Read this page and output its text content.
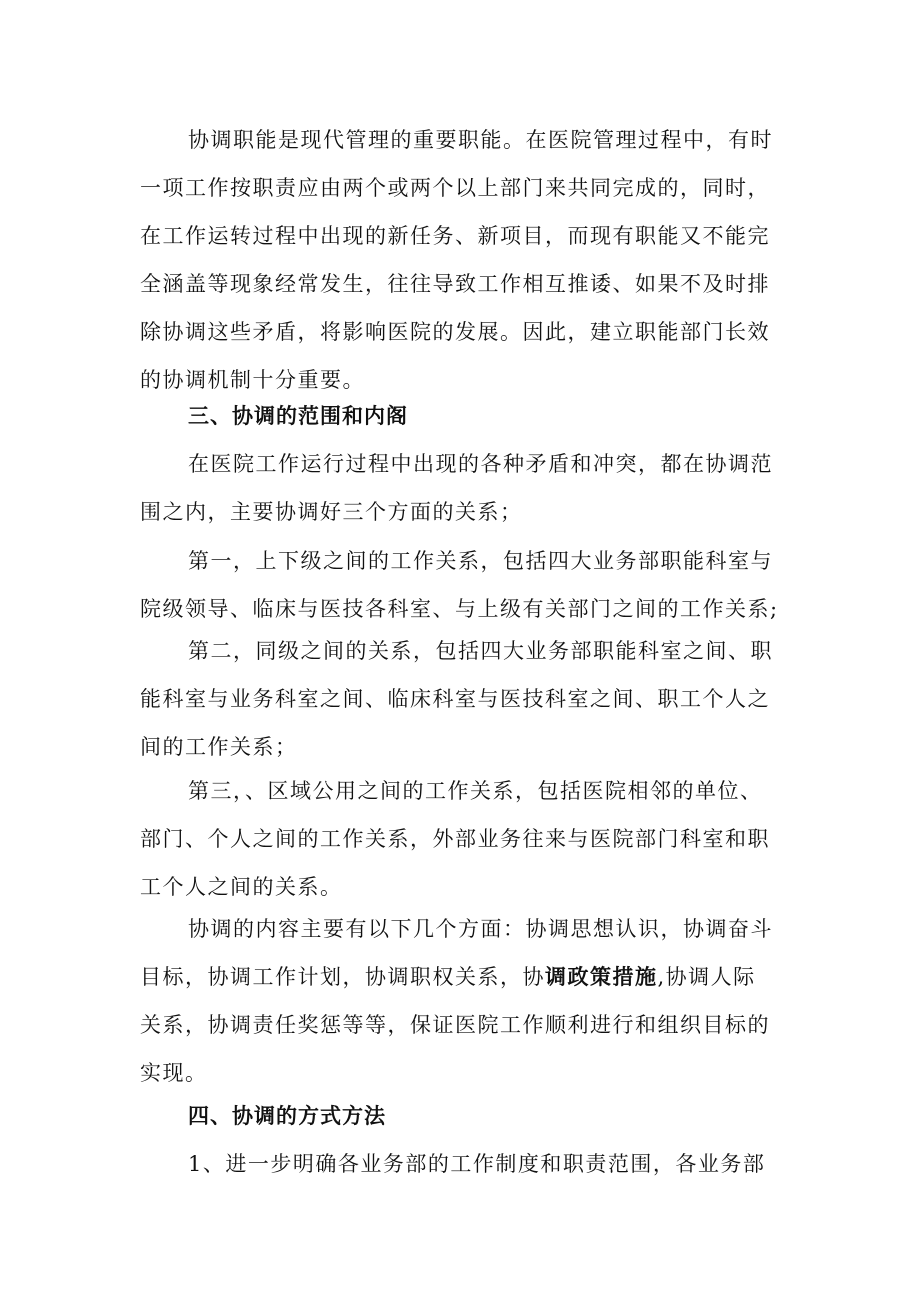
协调职能是现代管理的重要职能。在医院管理过程中，有时
一项工作按职责应由两个或两个以上部门来共同完成的，同时，
在工作运转过程中出现的新任务、新项目，而现有职能又不能完
全涵盖等现象经常发生，往往导致工作相互推诿、如果不及时排
除协调这些矛盾，将影响医院的发展。因此，建立职能部门长效
的协调机制十分重要。
三、协调的范围和内阁
在医院工作运行过程中出现的各种矛盾和冲突，都在协调范
围之内，主要协调好三个方面的关系；
第一，上下级之间的工作关系，包括四大业务部职能科室与
院级领导、临床与医技各科室、与上级有关部门之间的工作关系;
第二，同级之间的关系，包括四大业务部职能科室之间、职
能科室与业务科室之间、临床科室与医技科室之间、职工个人之
间的工作关系；
第三，、区域公用之间的工作关系，包括医院相邻的单位、
部门、个人之间的工作关系，外部业务往来与医院部门科室和职
工个人之间的关系。
协调的内容主要有以下几个方面：协调思想认识，协调奋斗
目标，协调工作计划，协调职权关系，协调政策措施,协调人际
关系，协调责任奖惩等等，保证医院工作顺利进行和组织目标的
实现。
四、协调的方式方法
1、进一步明确各业务部的工作制度和职责范围，各业务部
